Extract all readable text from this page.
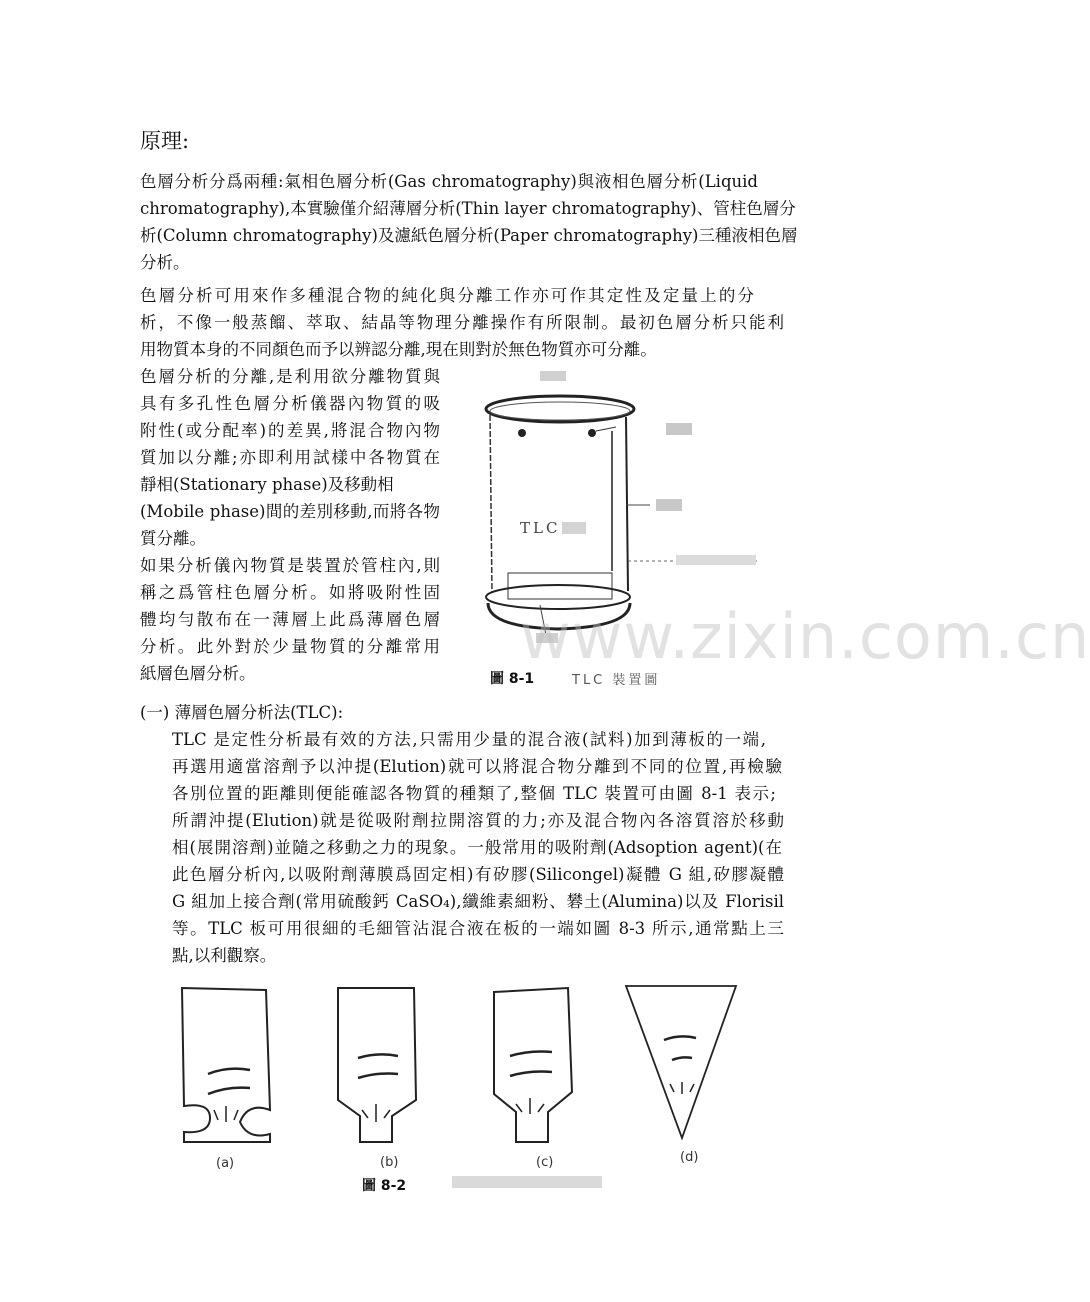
原理:
色層分析分爲兩種:氣相色層分析(Gas chromatography)與液相色層分析(Liquid
chromatography),本實驗僅介紹薄層分析(Thin layer chromatography)、管柱色層分
析(Column chromatography)及濾紙色層分析(Paper chromatography)三種液相色層
分析。
色層分析可用來作多種混合物的純化與分離工作亦可作其定性及定量上的分
析，不像一般蒸餾、萃取、結晶等物理分離操作有所限制。最初色層分析只能利
用物質本身的不同顏色而予以辨認分離,現在則對於無色物質亦可分離。
色層分析的分離,是利用欲分離物質與
具有多孔性色層分析儀器內物質的吸
附性(或分配率)的差異,將混合物內物
質加以分離;亦即利用試樣中各物質在
靜相(Stationary phase)及移動相
(Mobile phase)間的差別移動,而將各物
質分離。
如果分析儀內物質是裝置於管柱內,則
稱之爲管柱色層分析。如將吸附性固
體均勻散布在一薄層上此爲薄層色層
分析。此外對於少量物質的分離常用
紙層色層分析。
TLC
www.zixin.com.cn
圖 8-1	TLC 裝置圖
(一) 薄層色層分析法(TLC):
TLC 是定性分析最有效的方法,只需用少量的混合液(試料)加到薄板的一端,
再選用適當溶劑予以沖提(Elution)就可以將混合物分離到不同的位置,再檢驗
各別位置的距離則便能確認各物質的種類了,整個 TLC 裝置可由圖 8-1 表示;
所謂沖提(Elution)就是從吸附劑拉開溶質的力;亦及混合物內各溶質溶於移動
相(展開溶劑)並隨之移動之力的現象。一般常用的吸附劑(Adsoption agent)(在
此色層分析內,以吸附劑薄膜爲固定相)有矽膠(Silicongel)凝體 G 組,矽膠凝體
G 組加上接合劑(常用硫酸鈣 CaSO₄),纖維素細粉、礬土(Alumina)以及 Florisil
等。TLC 板可用很細的毛細管沾混合液在板的一端如圖 8-3 所示,通常點上三
點,以利觀察。
(a)	(b)	(c)	(d)
圖 8-2
